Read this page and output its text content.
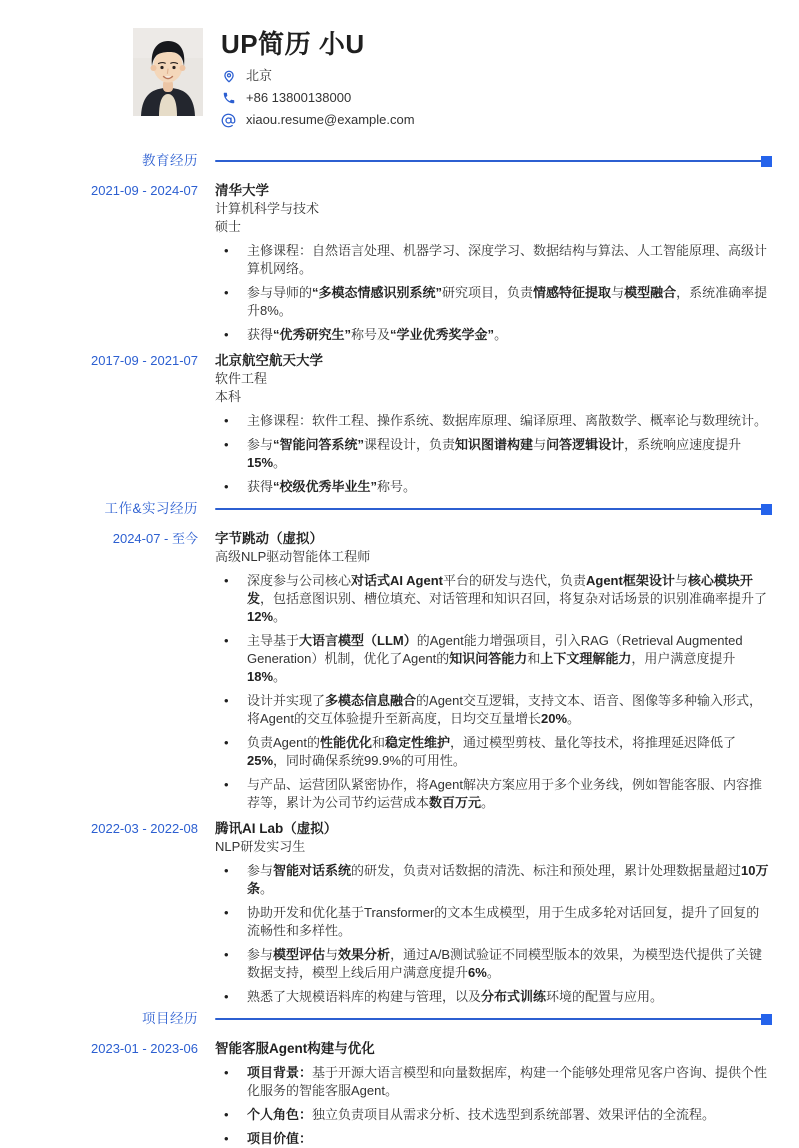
UP简历 小U
北京
+86 13800138000
xiaou.resume@example.com
教育经历
2021-09 - 2024-07 清华大学
计算机科学与技术
硕士
• 主修课程：自然语言处理、机器学习、深度学习、数据结构与算法、人工智能原理、高级计算机网络。
• 参与导师的“多模态情感识别系统”研究项目，负责情感特征提取与模型融合，系统准确率提升8%。
• 获得“优秀研究生”称号及“学业优秀奖学金”。
2017-09 - 2021-07 北京航空航天大学
软件工程
本科
• 主修课程：软件工程、操作系统、数据库原理、编译原理、离散数学、概率论与数理统计。
• 参与“智能问答系统”课程设计，负责知识图谱构建与问答逻辑设计，系统响应速度提升15%。
• 获得“校级优秀毕业生”称号。
工作&实习经历
2024-07 - 至今 字节跳动（虚拟）
高级NLP驱动智能体工程师
• 深度参与公司核心对话式AI Agent平台的研发与迭代，负责Agent框架设计与核心模块开发，包括意图识别、槽位填充、对话管理和知识召回，将复杂对话场景的识别准确率提升了12%。
• 主导基于大语言模型（LLM）的Agent能力增强项目，引入RAG（Retrieval Augmented Generation）机制，优化了Agent的知识问答能力和上下文理解能力，用户满意度提升18%。
• 设计并实现了多模态信息融合的Agent交互逻辑，支持文本、语音、图像等多种输入形式，将Agent的交互体验提升至新高度，日均交互量增长20%。
• 负责Agent的性能优化和稳定性维护，通过模型剪枝、量化等技术，将推理延迟降低了25%，同时确保系统99.9%的可用性。
• 与产品、运营团队紧密协作，将Agent解决方案应用于多个业务线，例如智能客服、内容推荐等，累计为公司节约运营成本数百万元。
2022-03 - 2022-08 腾讯AI Lab（虚拟）
NLP研发实习生
• 参与智能对话系统的研发，负责对话数据的清洗、标注和预处理，累计处理数据量超过10万条。
• 协助开发和优化基于Transformer的文本生成模型，用于生成多轮对话回复，提升了回复的流畅性和多样性。
• 参与模型评估与效果分析，通过A/B测试验证不同模型版本的效果，为模型迭代提供了关键数据支持，模型上线后用户满意度提升6%。
• 熟悉了大规模语料库的构建与管理，以及分布式训练环境的配置与应用。
项目经历
2023-01 - 2023-06 智能客服Agent构建与优化
• 项目背景：基于开源大语言模型和向量数据库，构建一个能够处理常见客户咨询、提供个性化服务的智能客服Agent。
• 个人角色：独立负责项目从需求分析、技术选型到系统部署、效果评估的全流程。
• 项目价值：
